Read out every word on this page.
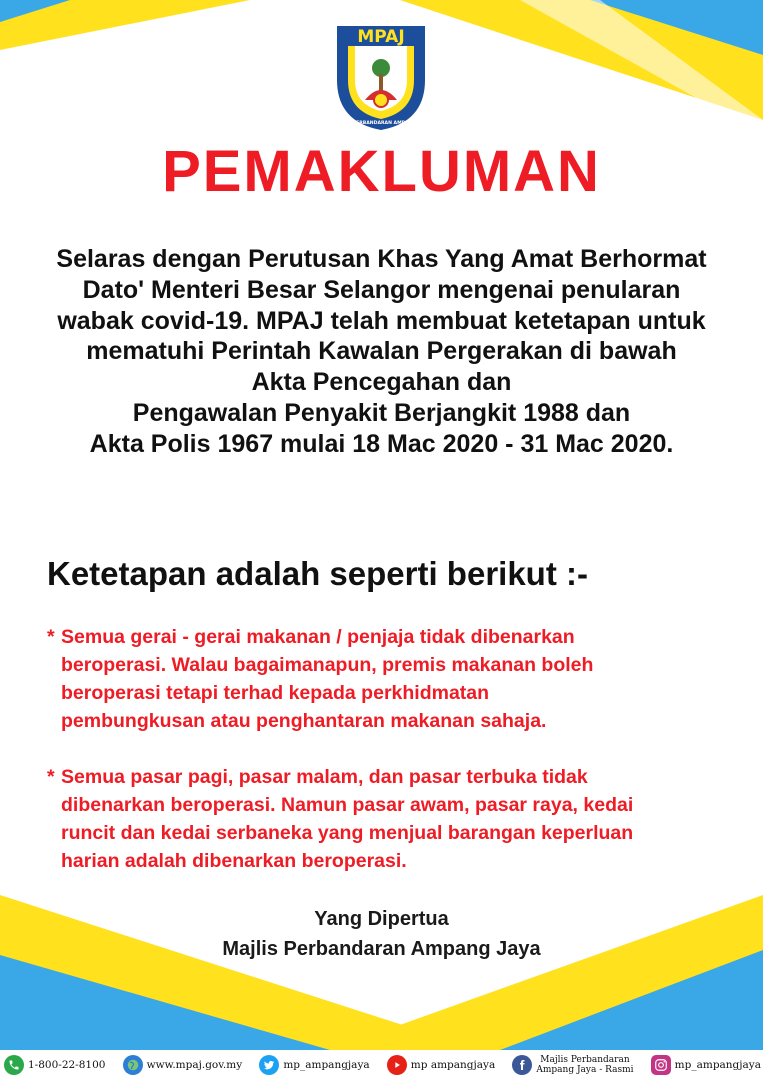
MPAJ
MAJLIS PERBANDARAN AMPANG JAYA
PEMAKLUMAN
Selaras dengan Perutusan Khas Yang Amat Berhormat
Dato' Menteri Besar Selangor mengenai penularan
wabak covid-19. MPAJ telah membuat ketetapan untuk
mematuhi Perintah Kawalan Pergerakan di bawah
Akta Pencegahan dan
Pengawalan Penyakit Berjangkit 1988 dan
Akta Polis 1967 mulai 18 Mac 2020 - 31 Mac 2020.
Ketetapan adalah seperti berikut :-
* Semua gerai - gerai makanan / penjaja tidak dibenarkan
beroperasi. Walau bagaimanapun, premis makanan boleh
beroperasi tetapi terhad kepada perkhidmatan
pembungkusan atau penghantaran makanan sahaja.
* Semua pasar pagi, pasar malam, dan pasar terbuka tidak
dibenarkan beroperasi. Namun pasar awam, pasar raya, kedai
runcit dan kedai serbaneka yang menjual barangan keperluan
harian adalah dibenarkan beroperasi.
Yang Dipertua
Majlis Perbandaran Ampang Jaya
1-800-22-8100	www.mpaj.gov.my	mp_ampangjaya	mp ampangjaya	Majlis Perbandaran
Ampang Jaya - Rasmi	mp_ampangjaya
